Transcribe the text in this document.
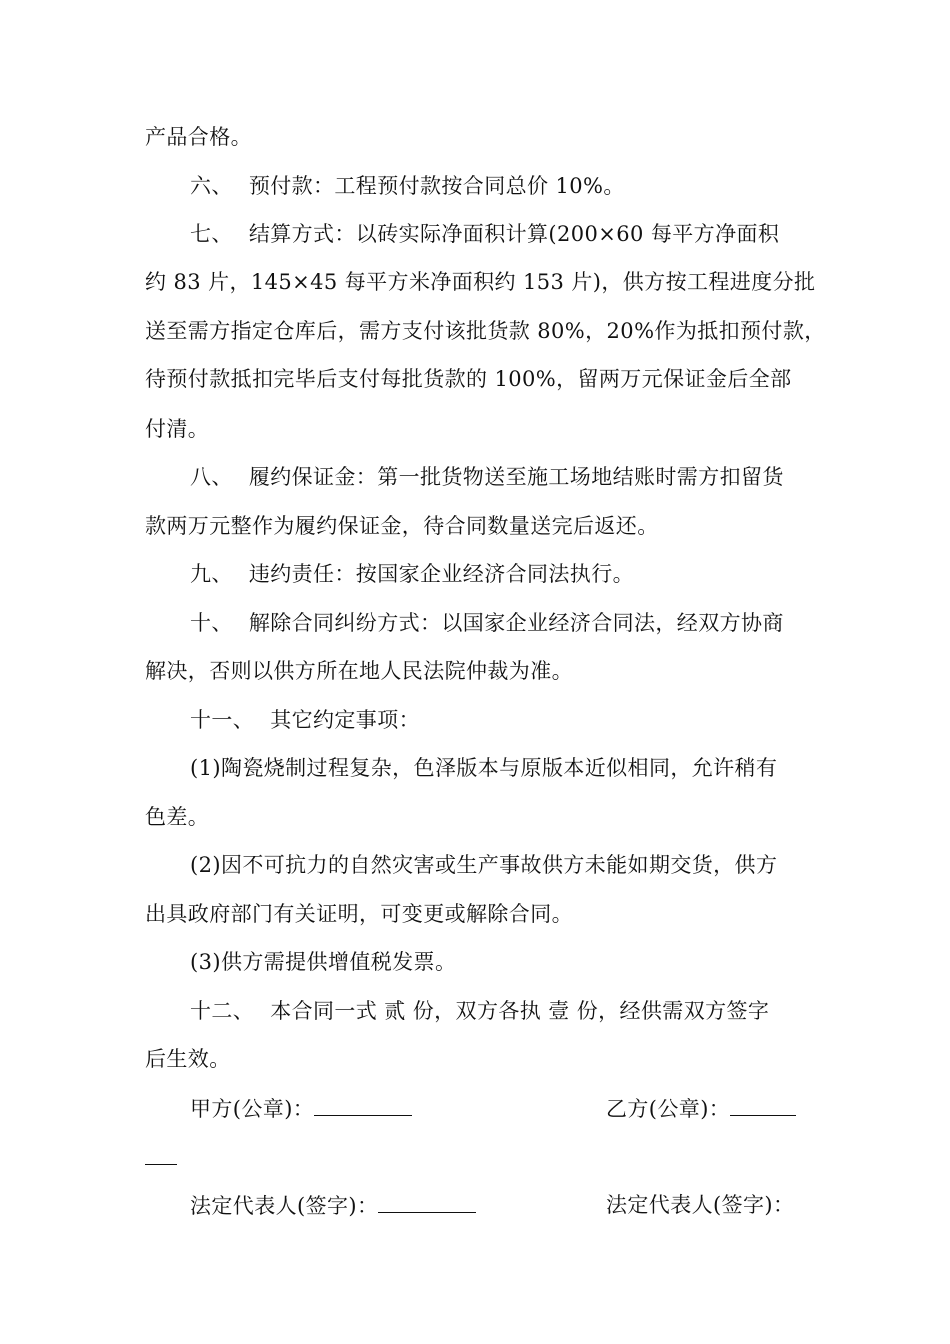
产品合格。
六、 预付款：工程预付款按合同总价 10%。
七、 结算方式：以砖实际净面积计算(200×60 每平方净面积
约 83 片，145×45 每平方米净面积约 153 片)，供方按工程进度分批
送至需方指定仓库后，需方支付该批货款 80%，20%作为抵扣预付款，
待预付款抵扣完毕后支付每批货款的 100%，留两万元保证金后全部
付清。
八、 履约保证金：第一批货物送至施工场地结账时需方扣留货
款两万元整作为履约保证金，待合同数量送完后返还。
九、 违约责任：按国家企业经济合同法执行。
十、 解除合同纠纷方式：以国家企业经济合同法，经双方协商
解决，否则以供方所在地人民法院仲裁为准。
十一、 其它约定事项：
(1)陶瓷烧制过程复杂，色泽版本与原版本近似相同，允许稍有
色差。
(2)因不可抗力的自然灾害或生产事故供方未能如期交货，供方
出具政府部门有关证明，可变更或解除合同。
(3)供方需提供增值税发票。
十二、 本合同一式 贰 份，双方各执 壹 份，经供需双方签字
后生效。
甲方(公章)：	乙方(公章)：
法定代表人(签字)：	法定代表人(签字)：
